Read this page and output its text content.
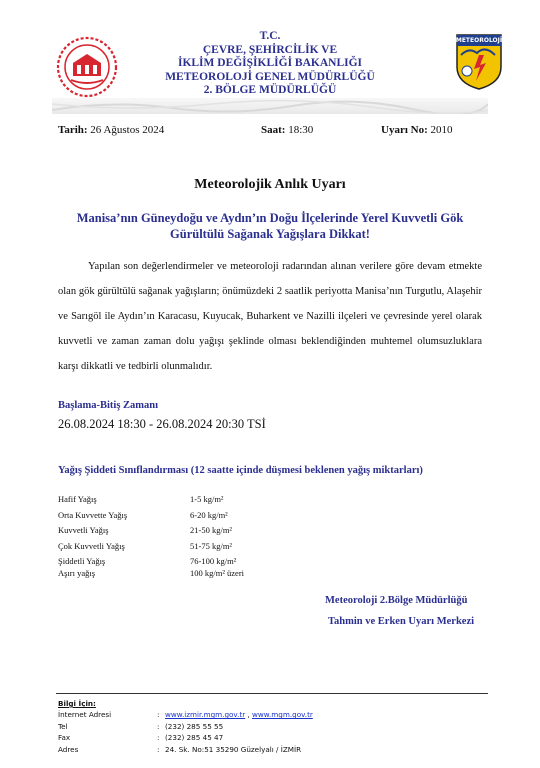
T.C.
ÇEVRE, ŞEHİRCİLİK VE
İKLİM DEĞİŞİKLİĞİ BAKANLIĞI
METEOROLOJİ GENEL MÜDÜRLÜĞÜ
2. BÖLGE MÜDÜRLÜĞÜ
METEOROLOJİ
Tarih: 26 Ağustos 2024	Saat: 18:30	Uyarı No: 2010
Meteorolojik Anlık Uyarı
Manisa’nın Güneydoğu ve Aydın’ın Doğu İlçelerinde Yerel Kuvvetli Gök Gürültülü Sağanak Yağışlara Dikkat!
Yapılan son değerlendirmeler ve meteoroloji radarından alınan verilere göre devam etmekte olan gök gürültülü sağanak yağışların; önümüzdeki 2 saatlik periyotta Manisa’nın Turgutlu, Alaşehir ve Sarıgöl ile Aydın’ın Karacasu, Kuyucak, Buharkent ve Nazilli ilçeleri ve çevresinde yerel olarak kuvvetli ve zaman zaman dolu yağışı şeklinde olması beklendiğinden muhtemel olumsuzluklara karşı dikkatli ve tedbirli olunmalıdır.
Başlama-Bitiş Zamanı
26.08.2024 18:30 - 26.08.2024 20:30 TSİ
Yağış Şiddeti Sınıflandırması (12 saatte içinde düşmesi beklenen yağış miktarları)
Hafif Yağış	1-5 kg/m²
Orta Kuvvette Yağış	6-20 kg/m²
Kuvvetli Yağış	21-50 kg/m²
Çok Kuvvetli Yağış	51-75 kg/m²
Şiddetli Yağış	76-100 kg/m²
Aşırı yağış	100 kg/m² üzeri
Meteoroloji 2.Bölge Müdürlüğü
Tahmin ve Erken Uyarı Merkezi
Bilgi İçin:
İnternet Adresi	: www.izmir.mgm.gov.tr , www.mgm.gov.tr
Tel	: (232) 285 55 55
Fax	: (232) 285 45 47
Adres	: 24. Sk. No:51 35290 Güzelyalı / İZMİR
